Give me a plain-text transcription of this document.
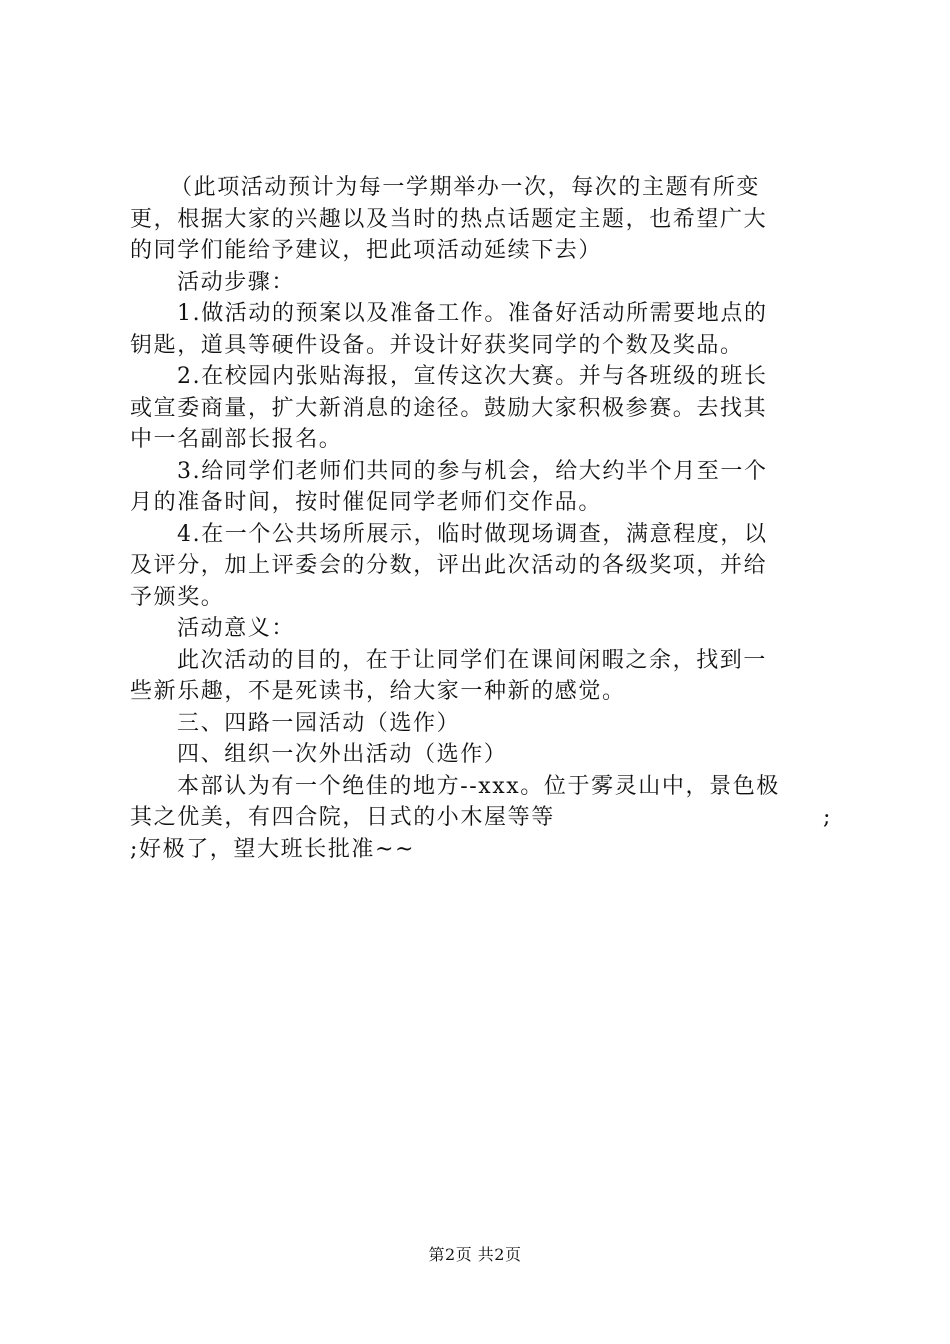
（此项活动预计为每一学期举办一次，每次的主题有所变
更，根据大家的兴趣以及当时的热点话题定主题，也希望广大
的同学们能给予建议，把此项活动延续下去）
活动步骤：
1.做活动的预案以及准备工作。准备好活动所需要地点的
钥匙，道具等硬件设备。并设计好获奖同学的个数及奖品。
2.在校园内张贴海报，宣传这次大赛。并与各班级的班长
或宣委商量，扩大新消息的途径。鼓励大家积极参赛。去找其
中一名副部长报名。
3.给同学们老师们共同的参与机会，给大约半个月至一个
月的准备时间，按时催促同学老师们交作品。
4.在一个公共场所展示，临时做现场调查，满意程度，以
及评分，加上评委会的分数，评出此次活动的各级奖项，并给
予颁奖。
活动意义：
此次活动的目的，在于让同学们在课间闲暇之余，找到一
些新乐趣，不是死读书，给大家一种新的感觉。
三、四路一园活动（选作）
四、组织一次外出活动（选作）
本部认为有一个绝佳的地方--xxx。位于雾灵山中，景色极
其之优美，有四合院，日式的小木屋等等	;
;好极了，望大班长批准~~
第2页 共2页
